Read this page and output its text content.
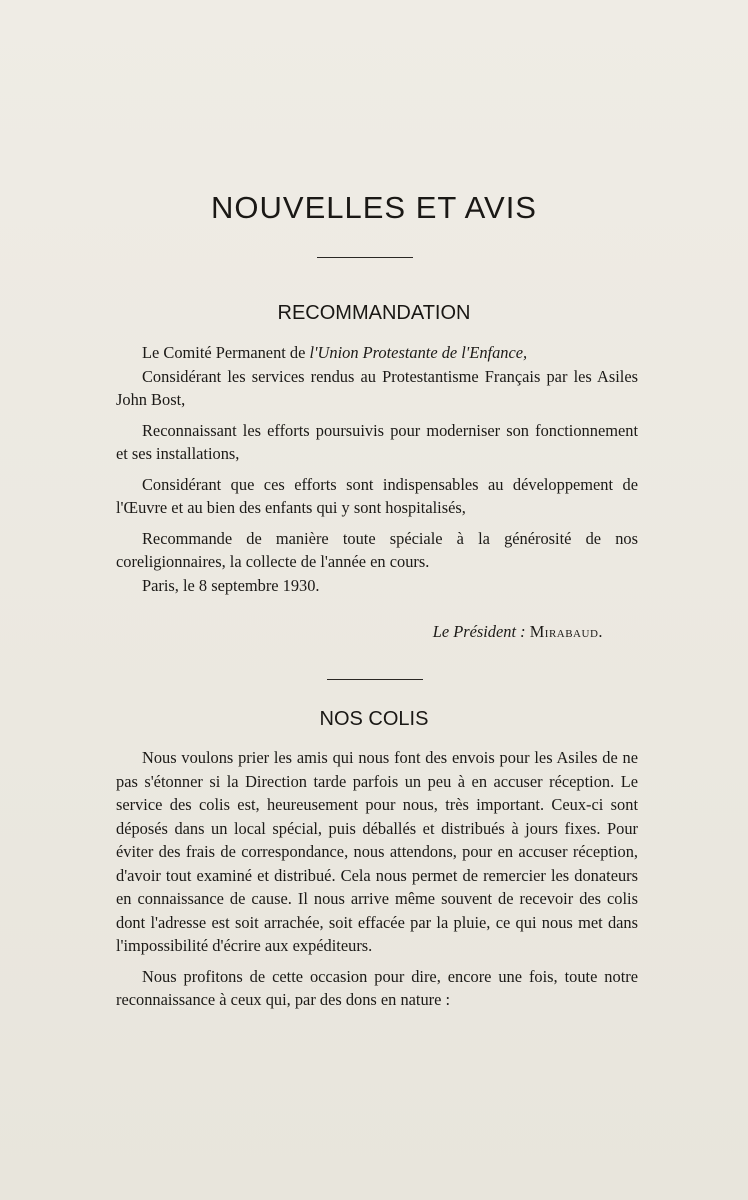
NOUVELLES ET AVIS
RECOMMANDATION

Le Comité Permanent de l'Union Protestante de l'Enfance,

Considérant les services rendus au Protestantisme Français par les Asiles John Bost,

Reconnaissant les efforts poursuivis pour moderniser son fonctionnement et ses installations,

Considérant que ces efforts sont indispensables au développement de l'Œuvre et au bien des enfants qui y sont hospitalisés,

Recommande de manière toute spéciale à la générosité de nos coreligionnaires, la collecte de l'année en cours.

Paris, le 8 septembre 1930.

Le Président : Mirabaud.
NOS COLIS

Nous voulons prier les amis qui nous font des envois pour les Asiles de ne pas s'étonner si la Direction tarde parfois un peu à en accuser réception. Le service des colis est, heureusement pour nous, très important. Ceux-ci sont déposés dans un local spécial, puis déballés et distribués à jours fixes. Pour éviter des frais de correspondance, nous attendons, pour en accuser réception, d'avoir tout examiné et distribué. Cela nous permet de remercier les donateurs en connaissance de cause. Il nous arrive même souvent de recevoir des colis dont l'adresse est soit arrachée, soit effacée par la pluie, ce qui nous met dans l'impossibilité d'écrire aux expéditeurs.

Nous profitons de cette occasion pour dire, encore une fois, toute notre reconnaissance à ceux qui, par des dons en nature :
